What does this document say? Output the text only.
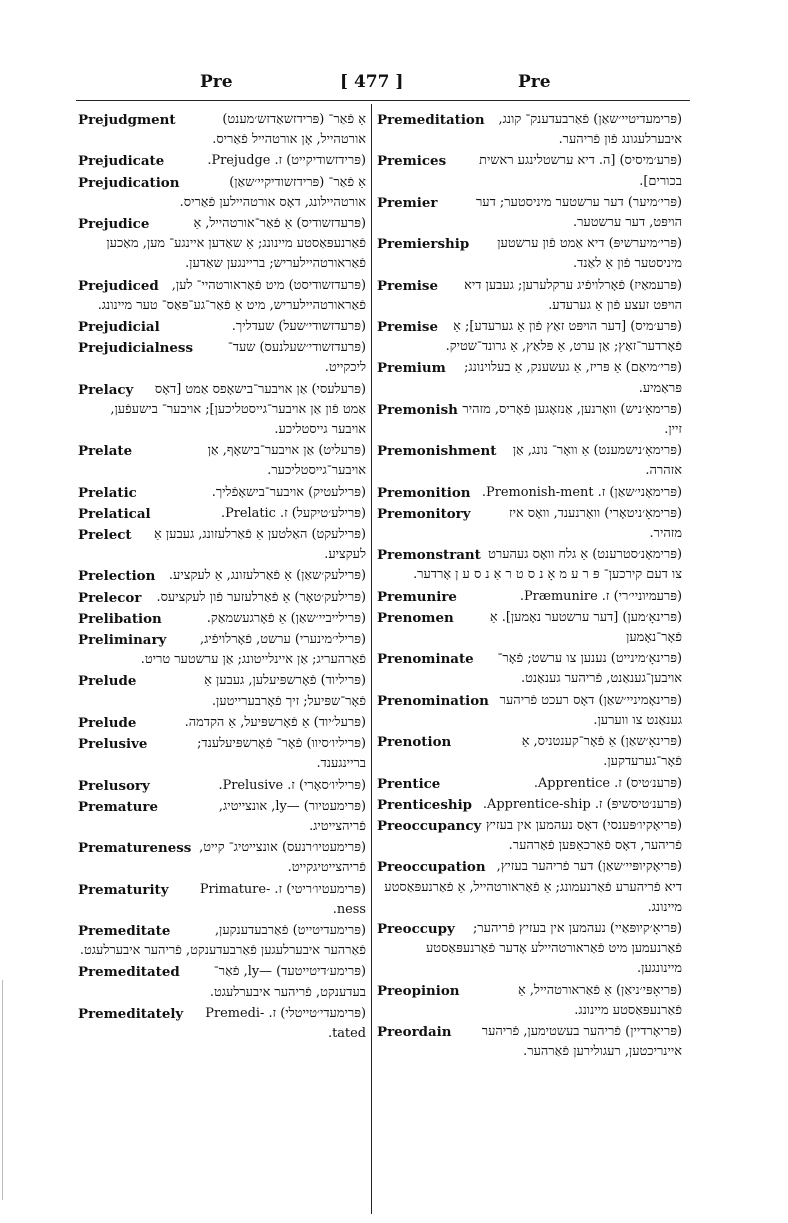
Pre	[ 477 ]	Pre
Prejudgment	אַ פֿאַר־ (פּרידזשאַדזש׳מענט) אורטהייל, אָן אורטהייל פֿאַריס.
Prejudicate	(פּרידזשודיקייט) ז. Prejudge.
Prejudication	אַ פֿאַר־ (פּרידזשודיקיי׳שאַן) אורטהיילונג, דאָס אורטהיילען פֿאַריס.
Prejudice	(פּרעדזשודיס) אַ פֿאַר־אורטהייל, אַ פֿאַרנעפּאַסטע מיינונג; אַ שאַדען איינגע־ מען, מאַכען פֿאַראורטהיילעריש; בריינגען שאַדען.
Prejudiced (פּרעדזשודיסט) מיט פֿאַראורטהיי־ לען, פֿאַראורטהיילעריש, מיט אַ פֿאַר־גע־פּאַס־ טער מיינונג.
Prejudicial	(פּרעדזשודי׳שעל) שעדליך.
Prejudicialness	(פּרעדזשודי׳שעלנעס) שעד־ ליכקייט.
Prelacy (פּרעלעסי) אַן אויבער־בישאָפס אַמט [דאָס אַמט פֿון אַן אויבער־גייסטליכען]; אויבער־ בישעפֿען, אויבער גייסטליכע.
Prelate	(פּרעליט) אַן אויבער־בישאָף, אַן אויבער־גייסטליכער.
Prelatic	(פּרילעטיק) אויבער־בישאָפֿליך.
Prelatical	(פּרילע׳טיקעל) ז. Prelatic.
Prelect (פּרילעקט) האַלטען אַ פֿאַרלעזונג, געבען אַ לעקציע.
Prelection (פּרילעק׳שאַן) אַ פֿאַרלעזונג, אַ לעקציע.
Prelecor (פּרילעק׳טאָר) אַ פֿאַרלעזער פֿון לעקציעס.
Prelibation	(פּרילייביי׳שאַן) אַ פֿאָרגעשמאַק.
Preliminary	(פּרילי׳מינערי) ערשט, פֿאָרלויפֿיג, פֿאַרהעריג; אַן איינלייטונג; אַן ערשטער טריט.
Prelude	(פּריליוד) פֿאָרשפּיעלען, געבען אַ פֿאָר־שפּיעל; זיך פֿאָרבערייטען.
Prelude	(פּרעל׳יוד) אַ פֿאָרשפּיעל, אַ הקדמה.
Prelusive	(פּריליו׳סיוו) פֿאָר־ פֿאָרשפּיעלענד; בריינגענד.
Prelusory	(פּריליו׳סאָרי) ז. Prelusive.
Premature	(פּרימעטיור) —ly, אונצייטיג, פֿריהצייטיג.
Prematureness (פּרימעטיו׳רנעס) אונצייטיג־ קייט, פֿריהצייטיגקייט.
Prematurity (פּרימעטיו׳ריטי) ז. Primature-ness.
Premeditate	(פּרימעדיטייט) פֿאַרבעדענקען, פֿאַרהער איבערלעגען פֿאַרבעדענקט, פֿריהער איבערלעגט.
Premeditated	(פּרימע׳דיטייטעד) —ly, פֿאַר־ בעדענקט, פֿריהער איבערלעגט.
Premeditately (פּרימעדי׳טייטלי) ז. Premedi-tated.
Premeditation (פּרימעדיטיי׳שאַן) פֿאַרבעדענק־ קונג, איבערלעגונג פֿון פֿריהער.
Premices	(פּרע׳מיסיס) [ה. דיא ערשטלינגע ראשית בכורים].
Premier	(פּרי׳מיער) דער ערשטער מיניסטער; דער הויפּט, דער ערשטער.
Premiership (פּרי׳מיערשיפּ) דיא אַמט פֿון ערשטען מיניסטער פֿון אַ לאַנד.
Premise (פּרעמאַיז) פֿאָרלויפֿיג ערקלערען; געבען דיא הויפּט זעצע פֿון אַ גערעדע.
Premise (פּרע׳מיס) [דער הויפּט זאַץ פֿון אַ גערעדע]; אַ פֿאָרדער־זאַץ; אַן ערט, אַ פּלאַץ, אַ גרונד־שטיק.
Premium (פּרי׳מיאַם) אַ פּריז, אַ געשענק, אַ בעלוינונג; פּראַמיע.
Premonish (פּרימאָ׳ניש) וואָרנען, אַנזאָגען פֿאָריס, מזהיר זיין.
Premonishment (פּרימאָ׳נישמענט) אַ וואָר־ נונג, אַן אזהרה.
Premonition (פּרימאָני׳שאַן) ז. Premonish-ment.
Premonitory	(פּרימאָ׳ניטאָרי) וואָרנענד, וואָס איז מזהיר.
Premonstrant (פּרימאָנ׳סטרענט) אַ גלח וואָס געהערט צו דעם קירכען־ פּ ר ע מ אָ נ ס ט ר אַ נ ס ע ן אָרדער.
Premunire	(פּרעמיוניי׳רי) ז. Præmunire.
Prenomen	(פּרינאָ׳מען) [דער ערשטער נאָמען]. אַ פֿאָר־נאָמען
Prenominate (פּרינאָ׳מינייט) נענען צו ערשט; פֿאָר־ אויבען־גענאַנט, פֿריהער גענאַנט.
Prenomination (פּרינאָמיניי׳שאַן) דאָס רעכט פֿריהער גענאַנט צו ווערען.
Prenotion	(פּרינאָ׳שאַן) אַ פֿאָר־קענטניס, אַ פֿאָר־גערעדקען.
Prentice	(פּרענ׳טיס) ז. Apprentice.
Prenticeship (פּרענ׳טיסשיפּ) ז. Apprentice-ship.
Preoccupancy (פּריאָקיו׳פּענסי) דאָס נעהמען אין בעזיץ פֿריהער, דאָס פֿאַרכאַפּען פֿאַרהער.
Preoccupation (פּריאָקיופּיי׳שאַן) דער פֿריהער בעזיץ, דיא פֿריהערע פֿאַרנעמונג; אַ פֿאַראורטהייל, אַ פֿאַרנעפּאַסטע מיינונג.
Preoccupy (פּריאָ׳קיופּאַיי) נעהמען אין בעזיץ פֿריהער; פֿאַרנעמען מיט פֿאַראורטהיילע אָדער פֿאַרנעפּאַסטע מיינונגען.
Preopinion	(פּריאָפּי׳ניאַן) אַ פֿאַראורטהייל, אַ פֿאַרנעפּאַסטע מיינונג.
Preordain (פּריאָרדיין) פֿריהער בעשטימען, פֿריהער איינריכטען, רעגולירען פֿאַרהער.
